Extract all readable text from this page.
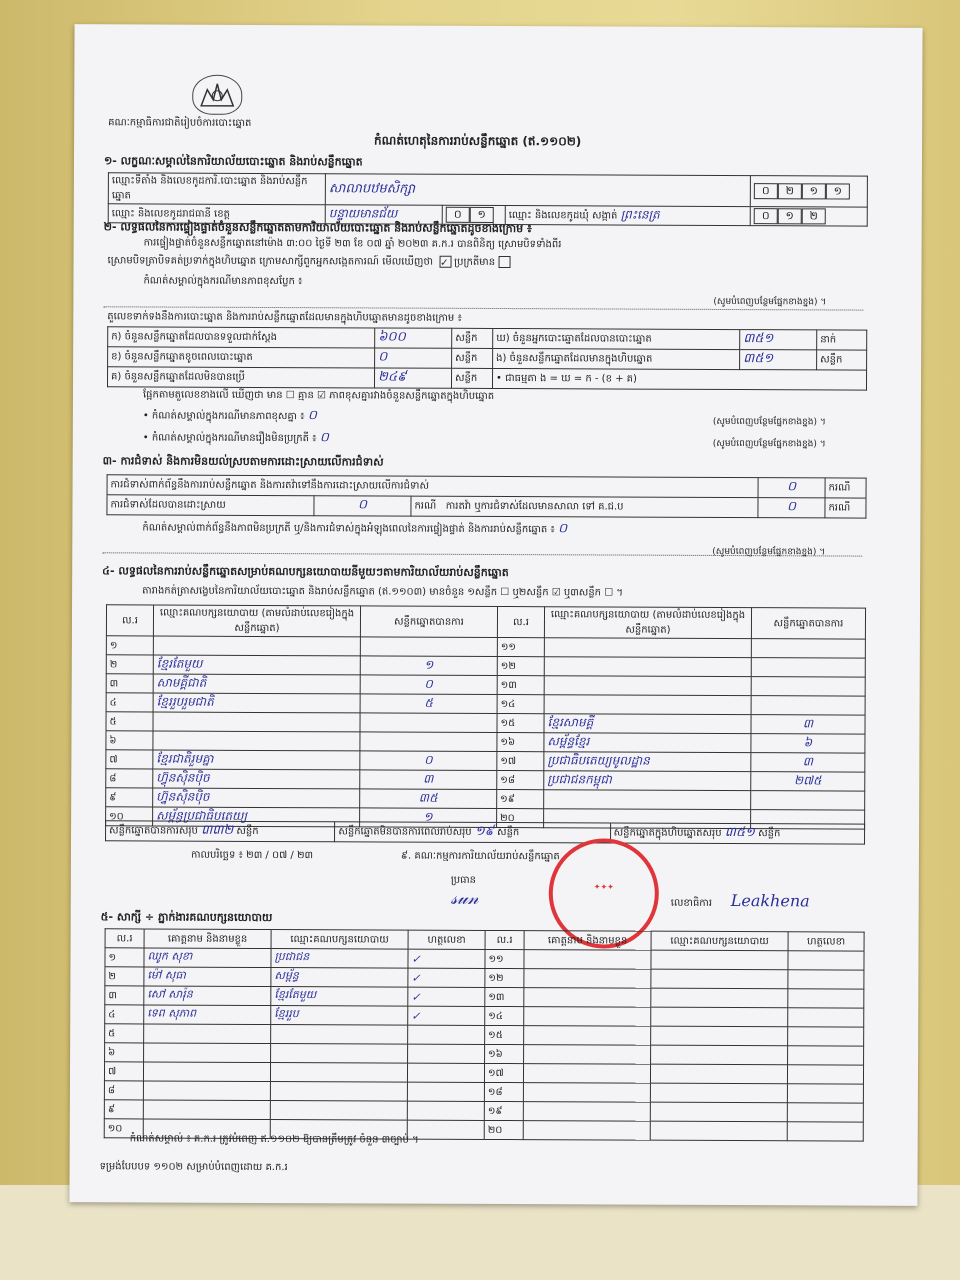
គណៈកម្មាធិការជាតិរៀបចំការបោះឆ្នោត
កំណត់ហេតុនៃការរាប់សន្លឹកឆ្នោត (ឥ.១១០២)
១- លក្ខណៈសម្គាល់នៃការិយាល័យបោះឆ្នោត និងរាប់សន្លឹកឆ្នោត
ឈ្មោះទីតាំង និងលេខកូដការិ.បោះឆ្នោត និងរាប់សន្លឹកឆ្នោត	សាលាបឋមសិក្សា			០ ២ ១ ១
ឈ្មោះ និងលេខកូដរាជធានី ខេត្ត	បន្ទាយមានជ័យ	០ ១	ឈ្មោះ និងលេខកូដឃុំ សង្កាត់ ព្រះនេត្រ	០ ១ ២
២- លទ្ធផលនៃការផ្ទៀងផ្ទាត់ចំនួនសន្លឹកឆ្នោតតាមការិយាល័យបោះឆ្នោត និងរាប់សន្លឹកឆ្នោតដូចខាងក្រោម ៖
ការផ្ទៀងផ្ទាត់ចំនួនសន្លឹកឆ្នោតនៅម៉ោង ៣:០០ ថ្ងៃទី ២៣ ខែ ០៧ ឆ្នាំ ២០២៣ គ.ក.រ បានពិនិត្យ ស្រោមបិទទាំងពីរ
ស្រោមបិទត្រាបិទគត់ប្រទាក់ក្នុងហិបឆ្នោត ក្រោមសាក្សីពួកអ្នកសង្កេតការណ៍ មើលឃើញថា ✓ ប្រក្រតីមាន
កំណត់សម្គាល់ក្នុងករណីមានភាពខុសប្លែក ៖
(សូមបំពេញបន្ថែមផ្នែកខាងខ្នង) ។
តួលេខទាក់ទងនឹងការបោះឆ្នោត និងការរាប់សន្លឹកឆ្នោតដែលមានក្នុងហិបឆ្នោតមានដូចខាងក្រោម ៖
ក) ចំនួនសន្លឹកឆ្នោតដែលបានទទួលជាក់ស្ដែង	៦០០	សន្លឹក	ឃ) ចំនួនអ្នកបោះឆ្នោតដែលបានបោះឆ្នោត	៣៥១	នាក់
ខ) ចំនួនសន្លឹកឆ្នោតខូចពេលបោះឆ្នោត	០	សន្លឹក	ង) ចំនួនសន្លឹកឆ្នោតដែលមានក្នុងហិបឆ្នោត	៣៥១	សន្លឹក
គ) ចំនួនសន្លឹកឆ្នោតដែលមិនបានប្រើ	២៤៩	សន្លឹក	• ជាធម្មតា ង = ឃ = ក - (ខ + គ)		
ផ្អែកតាមតួលេខខាងលើ ឃើញថា មាន ☐ គ្មាន ☑ ភាពខុសគ្នារវាងចំនួនសន្លឹកឆ្នោតក្នុងហិបឆ្នោត
• កំណត់សម្គាល់ក្នុងករណីមានភាពខុសគ្នា ៖ ០	(សូមបំពេញបន្ថែមផ្នែកខាងខ្នង) ។
• កំណត់សម្គាល់ក្នុងករណីមានរឿងមិនប្រក្រតី ៖ ០	(សូមបំពេញបន្ថែមផ្នែកខាងខ្នង) ។
៣- ការជំទាស់ និងការមិនយល់ស្របតាមការដោះស្រាយលើការជំទាស់
ការជំទាស់ពាក់ព័ន្ធនឹងការរាប់សន្លឹកឆ្នោត និងការតវ៉ាទៅនឹងការដោះស្រាយលើការជំទាស់			០	ករណី
ការជំទាស់ដែលបានដោះស្រាយ	០	ករណី ការតវ៉ា ឬការជំទាស់ដែលមានសាលា ទៅ គ.ជ.ប	០	ករណី
កំណត់សម្គាល់ពាក់ព័ន្ធនឹងភាពមិនប្រក្រតី ឬ/និងការជំទាស់ក្នុងអំឡុងពេលនៃការផ្ទៀងផ្ទាត់ និងការរាប់សន្លឹកឆ្នោត ៖ ០
(សូមបំពេញបន្ថែមផ្នែកខាងខ្នង) ។
៤- លទ្ធផលនៃការរាប់សន្លឹកឆ្នោតសម្រាប់គណបក្សនយោបាយនីមួយៗតាមការិយាល័យរាប់សន្លឹកឆ្នោត
តារាងកត់ត្រាសង្ខេបនៃការិយាល័យបោះឆ្នោត និងរាប់សន្លឹកឆ្នោត (ឥ.១១០៣) មានចំនួន ១សន្លឹក ☐ ឬ២សន្លឹក ☑ ឬ៣សន្លឹក ☐ ។
ល.រ	ឈ្មោះគណបក្សនយោបាយ (តាមលំដាប់លេខរៀងក្នុងសន្លឹកឆ្នោត)	សន្លឹកឆ្នោតបានការ	ល.រ	ឈ្មោះគណបក្សនយោបាយ (តាមលំដាប់លេខរៀងក្នុងសន្លឹកឆ្នោត)	សន្លឹកឆ្នោតបានការ
១			១១		
២	ខ្មែរតែមួយ	១	១២		
៣	សាមគ្គីជាតិ	០	១៣		
៤	ខ្មែររួបរួមជាតិ	៥	១៤		
៥			១៥	ខ្មែរសាមគ្គី	៣
៦			១៦	សម្ព័ន្ធខ្មែរ	៦
៧	ខ្មែរជាតិរួមគ្នា	០	១៧	ប្រជាធិបតេយ្យមូលដ្ឋាន	៣
៨	ហ៊្វុនស៊ិនប៉ិច	៣	១៨	ប្រជាជនកម្ពុជា	២៧៥
៩	ហ្វ៊ុនស៊ិនប៉ិច	៣៥	១៩		
១០	សម្ព័ន្ធប្រជាធិបតេយ្យ	១	២០		
សន្លឹកឆ្នោតបានការសរុប ៣៣២ សន្លឹក	សន្លឹកឆ្នោតមិនបានការពេលរាប់សរុប ១៩ សន្លឹក	សន្លឹកឆ្នោតក្នុងហិបឆ្នោតសរុប ៣៥១ សន្លឹក
កាលបរិច្ឆេទ ៖ ២៣ / ០៧ / ២៣	៩. គណៈកម្មការការិយាល័យរាប់សន្លឹកឆ្នោត
ប្រធាន
𝓈𝓊𝓃	លេខាធិការ Leakhena
✦✦✦
៥- សាក្សី ÷ ភ្នាក់ងារគណបក្សនយោបាយ
ល.រ	គោត្តនាម និងនាមខ្លួន	ឈ្មោះគណបក្សនយោបាយ	ហត្ថលេខា	ល.រ	គោត្តនាម និងនាមខ្លួន	ឈ្មោះគណបក្សនយោបាយ	ហត្ថលេខា
១	ឈូក សុខា	ប្រជាជន	✓	១១			
២	ម៉ៅ សុធា	សម្ព័ន្ធ	✓	១២			
៣	សៅ សារ៉ុន	ខ្មែរតែមួយ	✓	១៣			
៤	ទេព សុភាព	ខ្មែររួប	✓	១៤			
៥				១៥			
៦				១៦			
៧				១៧			
៨				១៨			
៩				១៩			
១០				២០			
កំណត់សម្គាល់ ៖ គ.ក.រ ត្រូវបំពេញ ឥ.១១០២ ឱ្យបានត្រឹមត្រូវ ចំនួន ៣ច្បាប់ ។
ទម្រង់បែបបទ ១១០២ សម្រាប់បំពេញដោយ គ.ក.រ
